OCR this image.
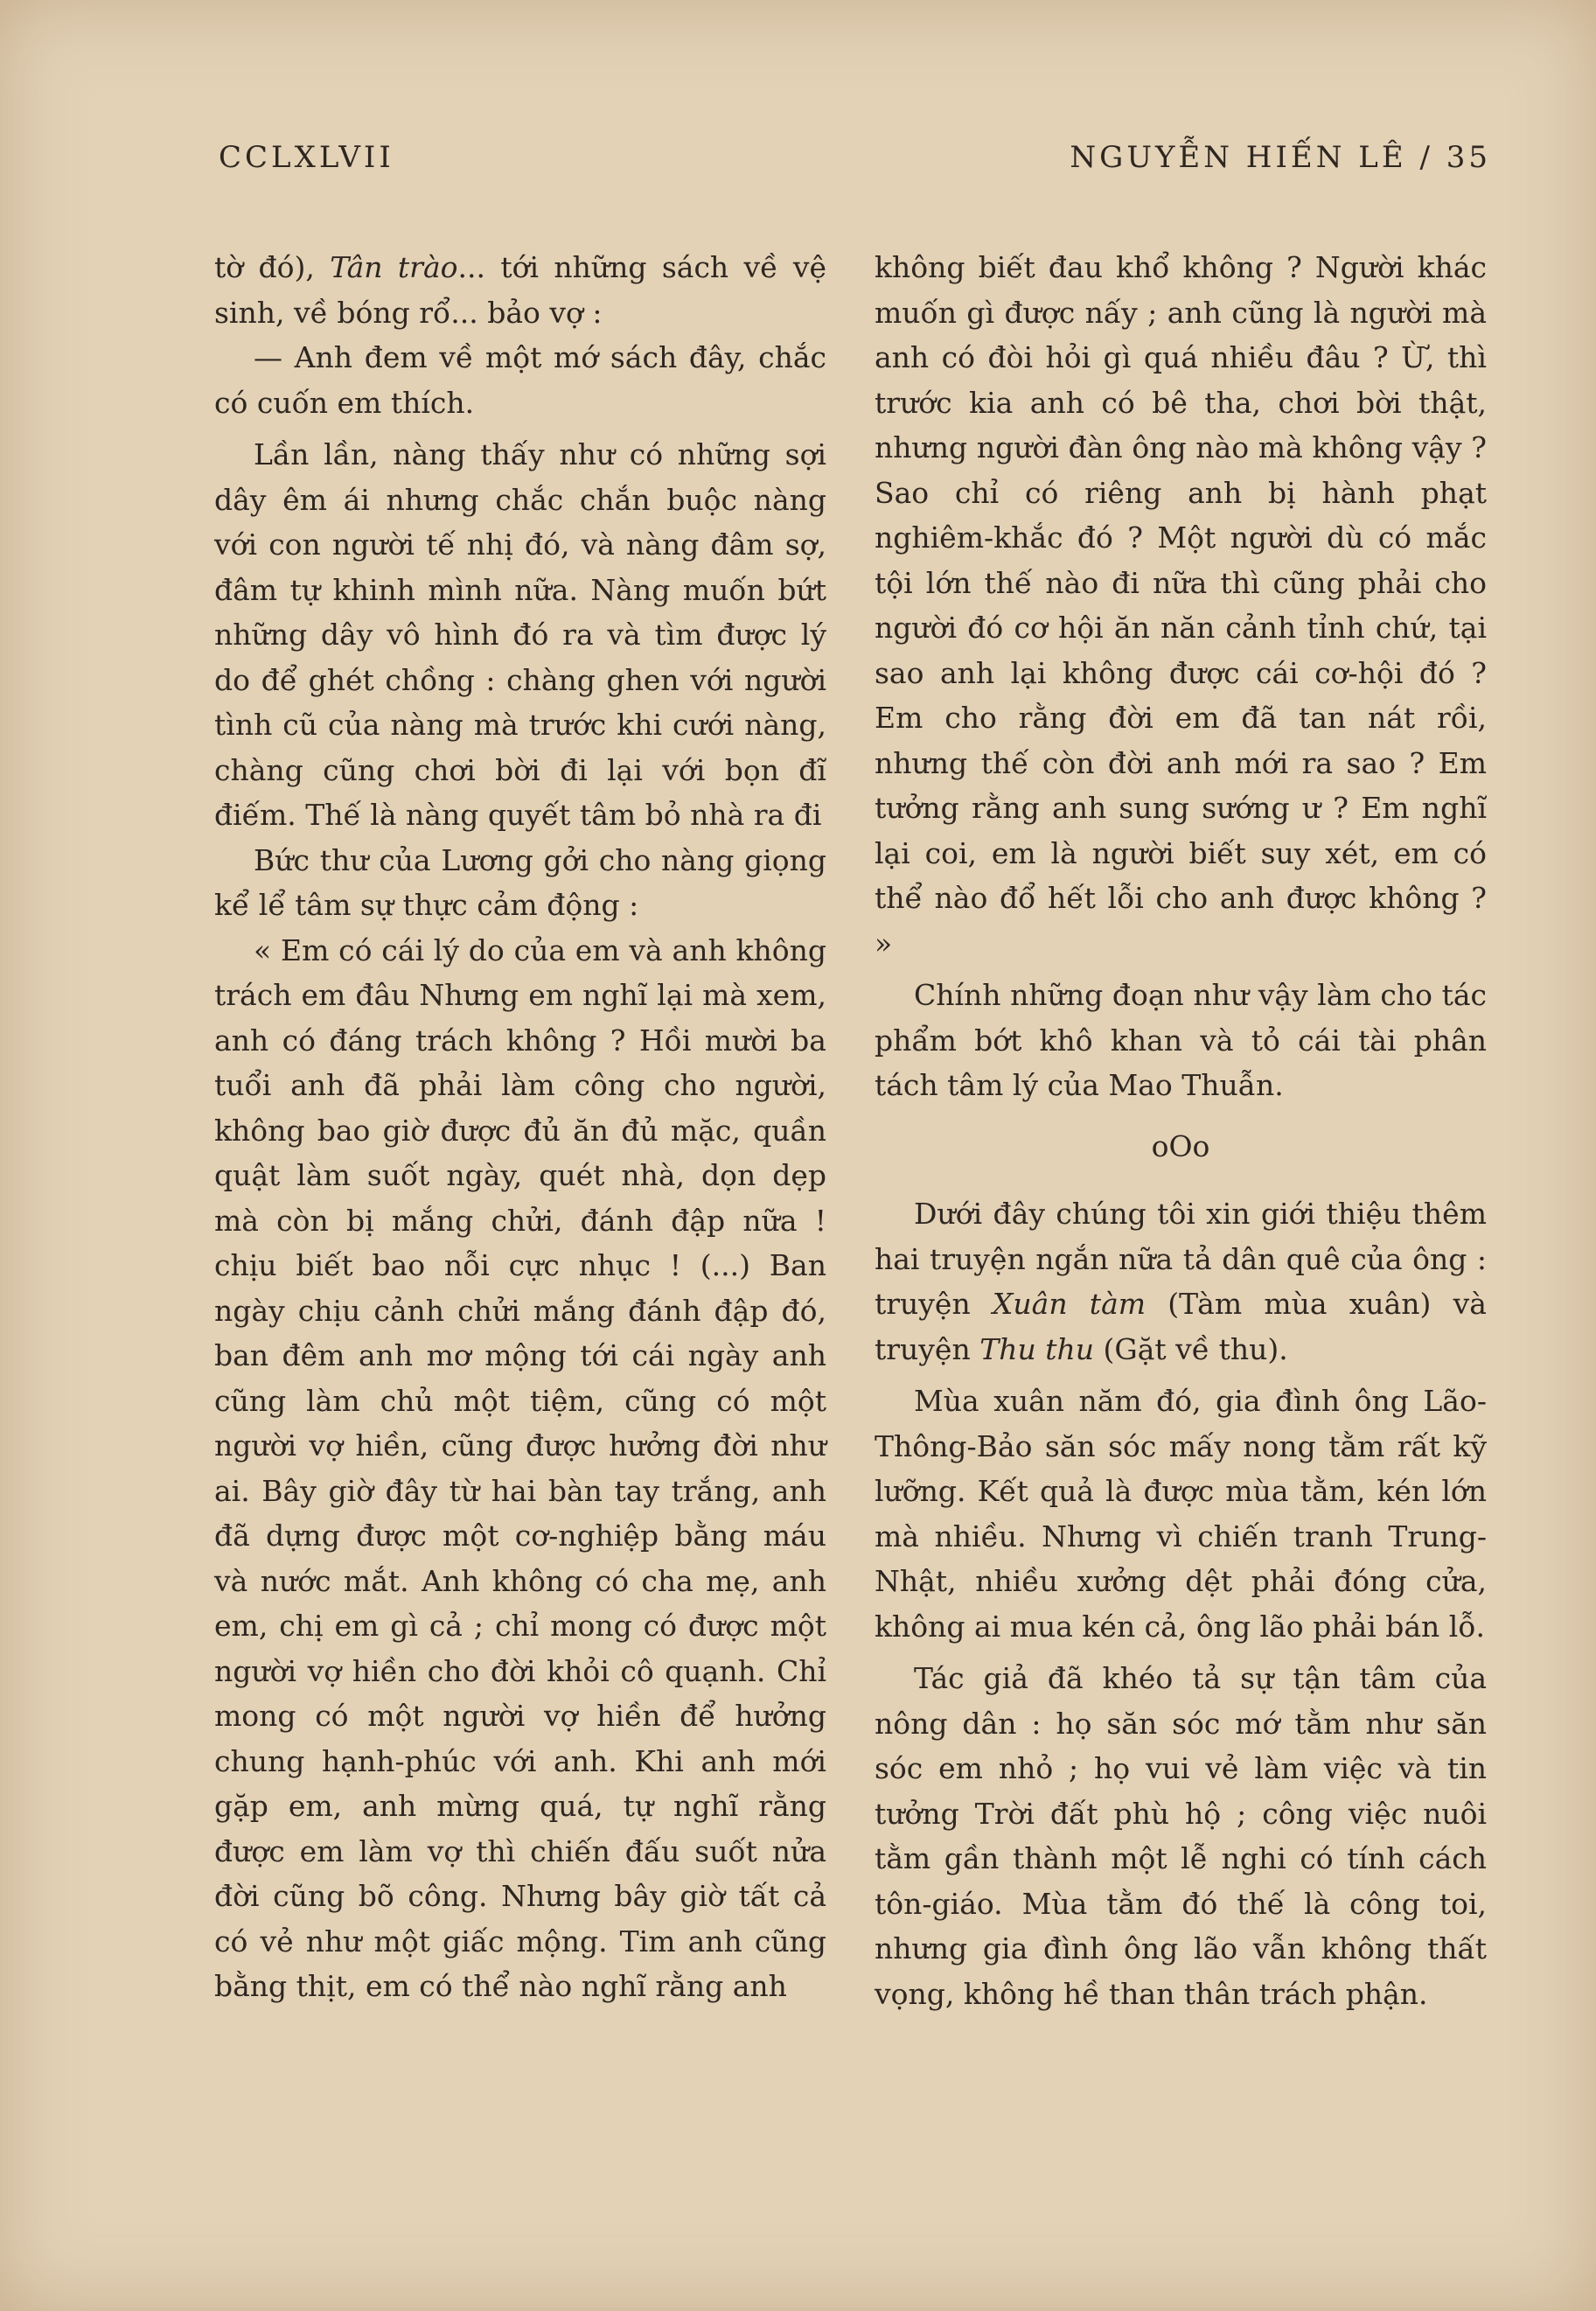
CCLXLVII	NGUYỄN HIẾN LÊ / 35

tờ đó), Tân trào... tới những sách về vệ sinh, về bóng rổ... bảo vợ :

— Anh đem về một mớ sách đây, chắc có cuốn em thích.

Lần lần, nàng thấy như có những sợi dây êm ái nhưng chắc chắn buộc nàng với con người tế nhị đó, và nàng đâm sợ, đâm tự khinh mình nữa. Nàng muốn bứt những dây vô hình đó ra và tìm được lý do để ghét chồng : chàng ghen với người tình cũ của nàng mà trước khi cưới nàng, chàng cũng chơi bời đi lại với bọn đĩ điếm. Thế là nàng quyết tâm bỏ nhà ra đi

Bức thư của Lương gởi cho nàng giọng kể lể tâm sự thực cảm động :

« Em có cái lý do của em và anh không trách em đâu Nhưng em nghĩ lại mà xem, anh có đáng trách không ? Hồi mười ba tuổi anh đã phải làm công cho người, không bao giờ được đủ ăn đủ mặc, quần quật làm suốt ngày, quét nhà, dọn dẹp mà còn bị mắng chửi, đánh đập nữa ! chịu biết bao nỗi cực nhục ! (...) Ban ngày chịu cảnh chửi mắng đánh đập đó, ban đêm anh mơ mộng tới cái ngày anh cũng làm chủ một tiệm, cũng có một người vợ hiền, cũng được hưởng đời như ai. Bây giờ đây từ hai bàn tay trắng, anh đã dựng được một cơ-nghiệp bằng máu và nước mắt. Anh không có cha mẹ, anh em, chị em gì cả ; chỉ mong có được một người vợ hiền cho đời khỏi cô quạnh. Chỉ mong có một người vợ hiền để hưởng chung hạnh-phúc với anh. Khi anh mới gặp em, anh mừng quá, tự nghĩ rằng được em làm vợ thì chiến đấu suốt nửa đời cũng bõ công. Nhưng bây giờ tất cả có vẻ như một giấc mộng. Tim anh cũng bằng thịt, em có thể nào nghĩ rằng anh

không biết đau khổ không ? Người khác muốn gì được nấy ; anh cũng là người mà anh có đòi hỏi gì quá nhiều đâu ? Ừ, thì trước kia anh có bê tha, chơi bời thật, nhưng người đàn ông nào mà không vậy ? Sao chỉ có riêng anh bị hành phạt nghiêm-khắc đó ? Một người dù có mắc tội lớn thế nào đi nữa thì cũng phải cho người đó cơ hội ăn năn cảnh tỉnh chứ, tại sao anh lại không được cái cơ-hội đó ? Em cho rằng đời em đã tan nát rồi, nhưng thế còn đời anh mới ra sao ? Em tưởng rằng anh sung sướng ư ? Em nghĩ lại coi, em là người biết suy xét, em có thể nào đổ hết lỗi cho anh được không ? »

Chính những đoạn như vậy làm cho tác phẩm bớt khô khan và tỏ cái tài phân tách tâm lý của Mao Thuẫn.

oOo

Dưới đây chúng tôi xin giới thiệu thêm hai truyện ngắn nữa tả dân quê của ông : truyện Xuân tàm (Tàm mùa xuân) và truyện Thu thu (Gặt về thu).

Mùa xuân năm đó, gia đình ông Lão-Thông-Bảo săn sóc mấy nong tằm rất kỹ lưỡng. Kết quả là được mùa tằm, kén lớn mà nhiều. Nhưng vì chiến tranh Trung-Nhật, nhiều xưởng dệt phải đóng cửa, không ai mua kén cả, ông lão phải bán lỗ.

Tác giả đã khéo tả sự tận tâm của nông dân : họ săn sóc mớ tằm như săn sóc em nhỏ ; họ vui vẻ làm việc và tin tưởng Trời đất phù hộ ; công việc nuôi tằm gần thành một lễ nghi có tính cách tôn-giáo. Mùa tằm đó thế là công toi, nhưng gia đình ông lão vẫn không thất vọng, không hề than thân trách phận.
